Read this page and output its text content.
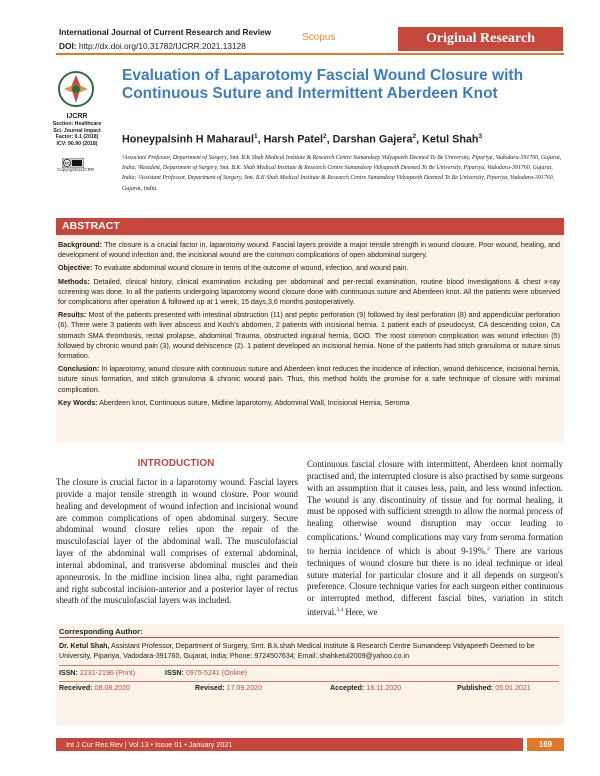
International Journal of Current Research and Review
DOI: http://dx.doi.org/10.31782/IJCRR.2021.13128
Scopus	Original Research
IJCRR
Section: Healthcare
Sci. Journal Impact Factor: 6.1 (2018)
ICV: 90.90 (2018)
cc
Copyright@IJCRR
Evaluation of Laparotomy Fascial Wound Closure with Continuous Suture and Intermittent Aberdeen Knot
Honeypalsinh H Maharaul$^1$, Harsh Patel$^2$, Darshan Gajera$^2$, Ketul Shah$^3$
¹Associate Professor, Department of Surgery, Smt. B.K Shah Medical Institute & Research Centre Sumandeep Vidyapeeth Deemed To Be University, Pipariya, Vadodara-391760, Gujarat, India; ²Resident, Department of Surgery, Smt. B.K. Shah Medical Institute & Research Centre Sumandeep Vidyapeeth Deemed To Be University, Pipariya, Vadodara-391760, Gujarat, India; ³Assistant Professor, Department of Surgery, Smt. B.K Shah Medical Institute & Research Centre Sumandeep Vidyapeeth Deemed To Be University, Pipariya, Vadodara-391760, Gujarat, India.
ABSTRACT

Background: The closure is a crucial factor in, laparotomy wound. Fascial layers provide a major tensile strength in wound closure. Poor wound, healing, and development of wound infection and, the incisional wound are the common complications of open abdominal surgery.

Objective: To evaluate abdominal wound closure in terms of the outcome of wound, infection, and wound pain.

Methods: Detailed, clinical history, clinical examination including per abdominal and per-rectal examination, routine blood investigations & chest x-ray screening was done. In all the patients undergoing laparotomy wound closure done with continuous suture and Aberdeen knot. All the patients were observed for complications after operation & followed up at 1 week, 15 days,3,6 months postoperatively.

Results: Most of the patients presented with intestinal obstruction (11) and peptic perforation (9) followed by ileal perforation (8) and appendicular perforation (6). There were 3 patients with liver abscess and Koch's abdomen, 2 patients with incisional hernia. 1 patient each of pseudocyst, CA descending colon, Ca stomach SMA thrombosis, rectal prolapse, abdominal Trauma, obstructed inguinal hernia, GOO. The most common complication was wound infection (5) followed by chronic wound pain (3), wound dehiscence (2). 1 patient developed an incisional hernia. None of the patients had stitch granuloma or suture sinus formation.

Conclusion: In laparotomy, wound closure with continuous suture and Aberdeen knot reduces the incidence of infection, wound dehiscence, incisional hernia, suture sinus formation, and stitch granuloma & chronic wound pain. Thus, this method holds the promise for a safe technique of closure with minimal complication.

Key Words: Aberdeen knot, Continuous suture, Midline laparotomy, Abdominal Wall, Incisional Hernia, Seroma

INTRODUCTION
The closure is crucial factor in a laparotomy wound. Fascial layers provide a major tensile strength in wound closure. Poor wound healing and development of wound infection and incisional wound are common complications of open abdominal surgery. Secure abdominal wound closure relies upon the repair of the musculofascial layer of the abdominal wall. The musculofascial layer of the abdominal wall comprises of external abdominal, internal abdominal, and transverse abdominal muscles and their aponeurosis. In the midline incision linea alba, right paramedian and right subcostal incision-anterior and a posterior layer of rectus sheath of the musculofascial layers was included.
Continuous fascial closure with intermittent, Aberdeen knot normally practised and, the interrupted closure is also practised by some surgeons with an assumption that it causes less, pain, and less wound infection. The wound is any discontinuity of tissue and for normal healing, it must be opposed with sufficient strength to allow the normal process of healing otherwise wound disruption may occur leading to complications.$^1$ Wound complications may vary from seroma formation to hernia incidence of which is about 9-19%.$^2$ There are various techniques of wound closure but there is no ideal technique or ideal suture material for particular closure and it all depends on surgeon's preference. Closure technique varies for each surgeon either continuous or interrupted method, different fascial bites, variation in stitch interval.$^{3,4}$ Here, we
Corresponding Author:
Dr. Ketul Shah, Assistant Professor, Department of Surgery, Smt. B.k.shah Medical Institute & Research Centre Sumandeep Vidyapeeth Deemed to be University, Pipariya, Vadodara-391760, Gujarat, India; Phone: 9724507634; Email: shahketul2009@yahoo.co.in
ISSN: 2231-2196 (Print)	ISSN: 0975-5241 (Online)
Received: 08.08.2020	Revised: 17.09.2020	Accepted: 18.11.2020	Published: 05.01.2021
Int J Cur Res Rev | Vol 13 • Issue 01 • January 2021	169
